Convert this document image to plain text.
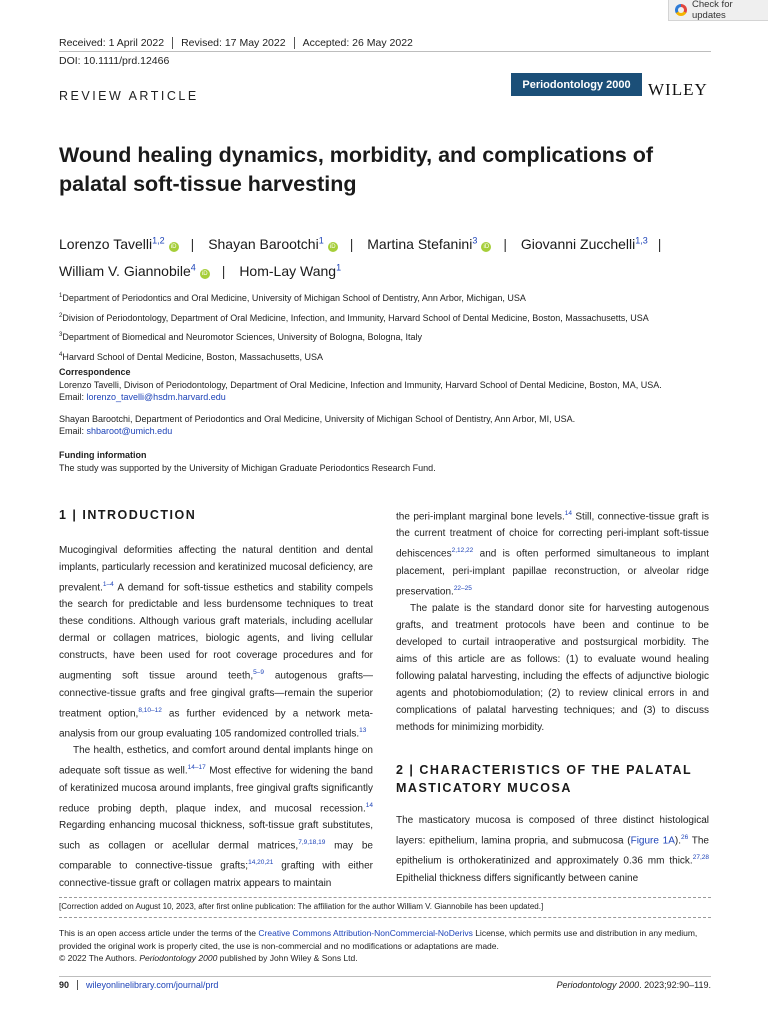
Check for updates
Received: 1 April 2022	Revised: 17 May 2022	Accepted: 26 May 2022
DOI: 10.1111/prd.12466
Periodontology 2000	WILEY
REVIEW ARTICLE
Wound healing dynamics, morbidity, and complications of
palatal soft-tissue harvesting
Lorenzo Tavelli$^{1,2}$iD | Shayan Barootchi$^1$iD | Martina Stefanini$^3$iD | Giovanni Zucchelli$^{1,3}$ |
William V. Giannobile$^4$iD | Hom-Lay Wang$^1$
$^1$Department of Periodontics and Oral Medicine, University of Michigan School of Dentistry, Ann Arbor, Michigan, USA
$^2$Division of Periodontology, Department of Oral Medicine, Infection, and Immunity, Harvard School of Dental Medicine, Boston, Massachusetts, USA
$^3$Department of Biomedical and Neuromotor Sciences, University of Bologna, Bologna, Italy
$^4$Harvard School of Dental Medicine, Boston, Massachusetts, USA
Correspondence
Lorenzo Tavelli, Divison of Periodontology, Department of Oral Medicine, Infection and Immunity, Harvard School of Dental Medicine, Boston, MA, USA.
Email: lorenzo_tavelli@hsdm.harvard.edu
Shayan Barootchi, Department of Periodontics and Oral Medicine, University of Michigan School of Dentistry, Ann Arbor, MI, USA.
Email: shbaroot@umich.edu
Funding information
The study was supported by the University of Michigan Graduate Periodontics Research Fund.
1 | INTRODUCTION

Mucogingival deformities affecting the natural dentition and dental implants, particularly recession and keratinized mucosal deficiency, are prevalent.$^{1-4}$ A demand for soft-tissue esthetics and stability compels the search for predictable and less burdensome techniques to treat these conditions. Although various graft materials, including acellular dermal or collagen matrices, biologic agents, and living cellular constructs, have been used for root coverage procedures and for augmenting soft tissue around teeth,$^{5-9}$ autogenous grafts—connective-tissue grafts and free gingival grafts—remain the superior treatment option,$^{8,10-12}$ as further evidenced by a network meta-analysis from our group evaluating 105 randomized controlled trials.$^{13}$

The health, esthetics, and comfort around dental implants hinge on adequate soft tissue as well.$^{14-17}$ Most effective for widening the band of keratinized mucosa around implants, free gingival grafts significantly reduce probing depth, plaque index, and mucosal recession.$^{14}$ Regarding enhancing mucosal thickness, soft-tissue graft substitutes, such as collagen or acellular dermal matrices,$^{7,9,18,19}$ may be comparable to connective-tissue grafts;$^{14,20,21}$ grafting with either connective-tissue graft or collagen matrix appears to maintain

the peri-implant marginal bone levels.$^{14}$ Still, connective-tissue graft is the current treatment of choice for correcting peri-implant soft-tissue dehiscences$^{2,12,22}$ and is often performed simultaneous to implant placement, peri-implant papillae reconstruction, or alveolar ridge preservation.$^{22-25}$

The palate is the standard donor site for harvesting autogenous grafts, and treatment protocols have been and continue to be developed to curtail intraoperative and postsurgical morbidity. The aims of this article are as follows: (1) to evaluate wound healing following palatal harvesting, including the effects of adjunctive biologic agents and photobiomodulation; (2) to review clinical errors in and complications of palatal harvesting techniques; and (3) to discuss methods for minimizing morbidity.

2 | CHARACTERISTICS OF THE PALATAL MASTICATORY MUCOSA

The masticatory mucosa is composed of three distinct histological layers: epithelium, lamina propria, and submucosa (Figure 1A).$^{26}$ The epithelium is orthokeratinized and approximately 0.36 mm thick.$^{27,28}$ Epithelial thickness differs significantly between canine

[Correction added on August 10, 2023, after first online publication: The affiliation for the author William V. Giannobile has been updated.]
This is an open access article under the terms of the Creative Commons Attribution-NonCommercial-NoDerivs License, which permits use and distribution in any medium, provided the original work is properly cited, the use is non-commercial and no modifications or adaptations are made.
© 2022 The Authors. Periodontology 2000 published by John Wiley & Sons Ltd.
90	wileyonlinelibrary.com/journal/prd	Periodontology 2000. 2023;92:90–119.
